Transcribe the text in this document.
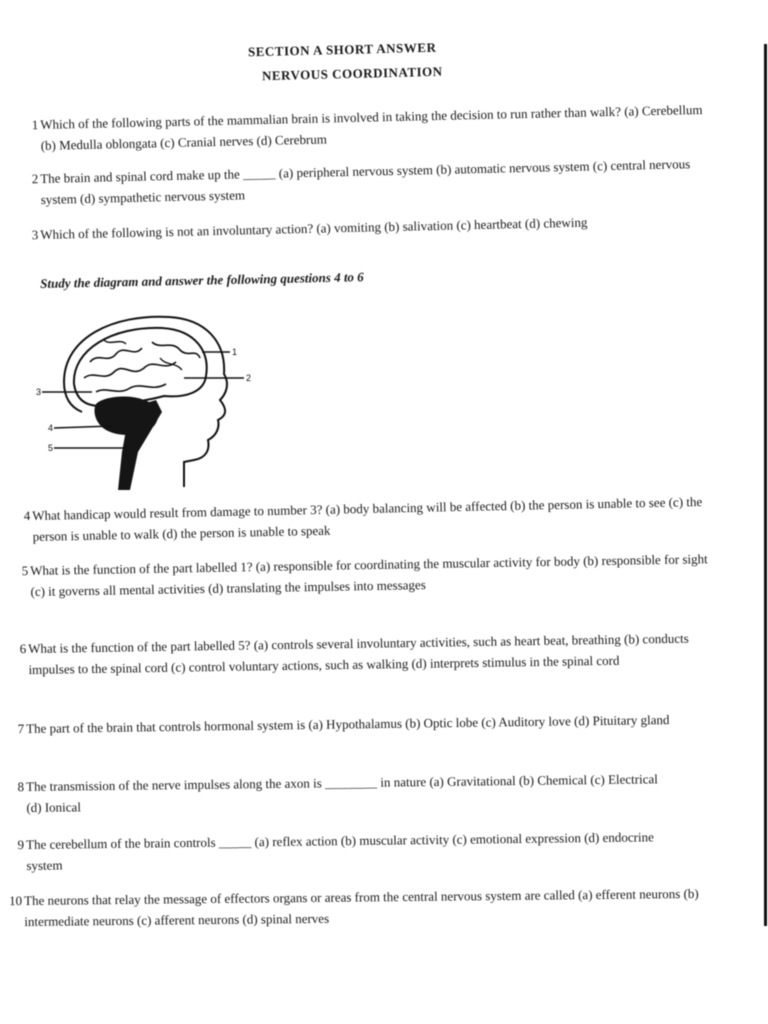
SECTION A SHORT ANSWER
NERVOUS COORDINATION
1 Which of the following parts of the mammalian brain is involved in taking the decision to run rather than walk? (a) Cerebellum (b) Medulla oblongata (c) Cranial nerves (d) Cerebrum
2 The brain and spinal cord make up the _____ (a) peripheral nervous system (b) automatic nervous system (c) central nervous system (d) sympathetic nervous system
3 Which of the following is not an involuntary action? (a) vomiting (b) salivation (c) heartbeat (d) chewing
Study the diagram and answer the following questions 4 to 6
1
2
3
4
5
4 What handicap would result from damage to number 3? (a) body balancing will be affected (b) the person is unable to see (c) the person is unable to walk (d) the person is unable to speak
5 What is the function of the part labelled 1? (a) responsible for coordinating the muscular activity for body (b) responsible for sight (c) it governs all mental activities (d) translating the impulses into messages
6 What is the function of the part labelled 5? (a) controls several involuntary activities, such as heart beat, breathing (b) conducts impulses to the spinal cord (c) control voluntary actions, such as walking (d) interprets stimulus in the spinal cord
7 The part of the brain that controls hormonal system is (a) Hypothalamus (b) Optic lobe (c) Auditory love (d) Pituitary gland
8 The transmission of the nerve impulses along the axon is ________ in nature (a) Gravitational (b) Chemical (c) Electrical (d) Ionical
9 The cerebellum of the brain controls _____ (a) reflex action (b) muscular activity (c) emotional expression (d) endocrine system
10 The neurons that relay the message of effectors organs or areas from the central nervous system are called (a) efferent neurons (b) intermediate neurons (c) afferent neurons (d) spinal nerves
